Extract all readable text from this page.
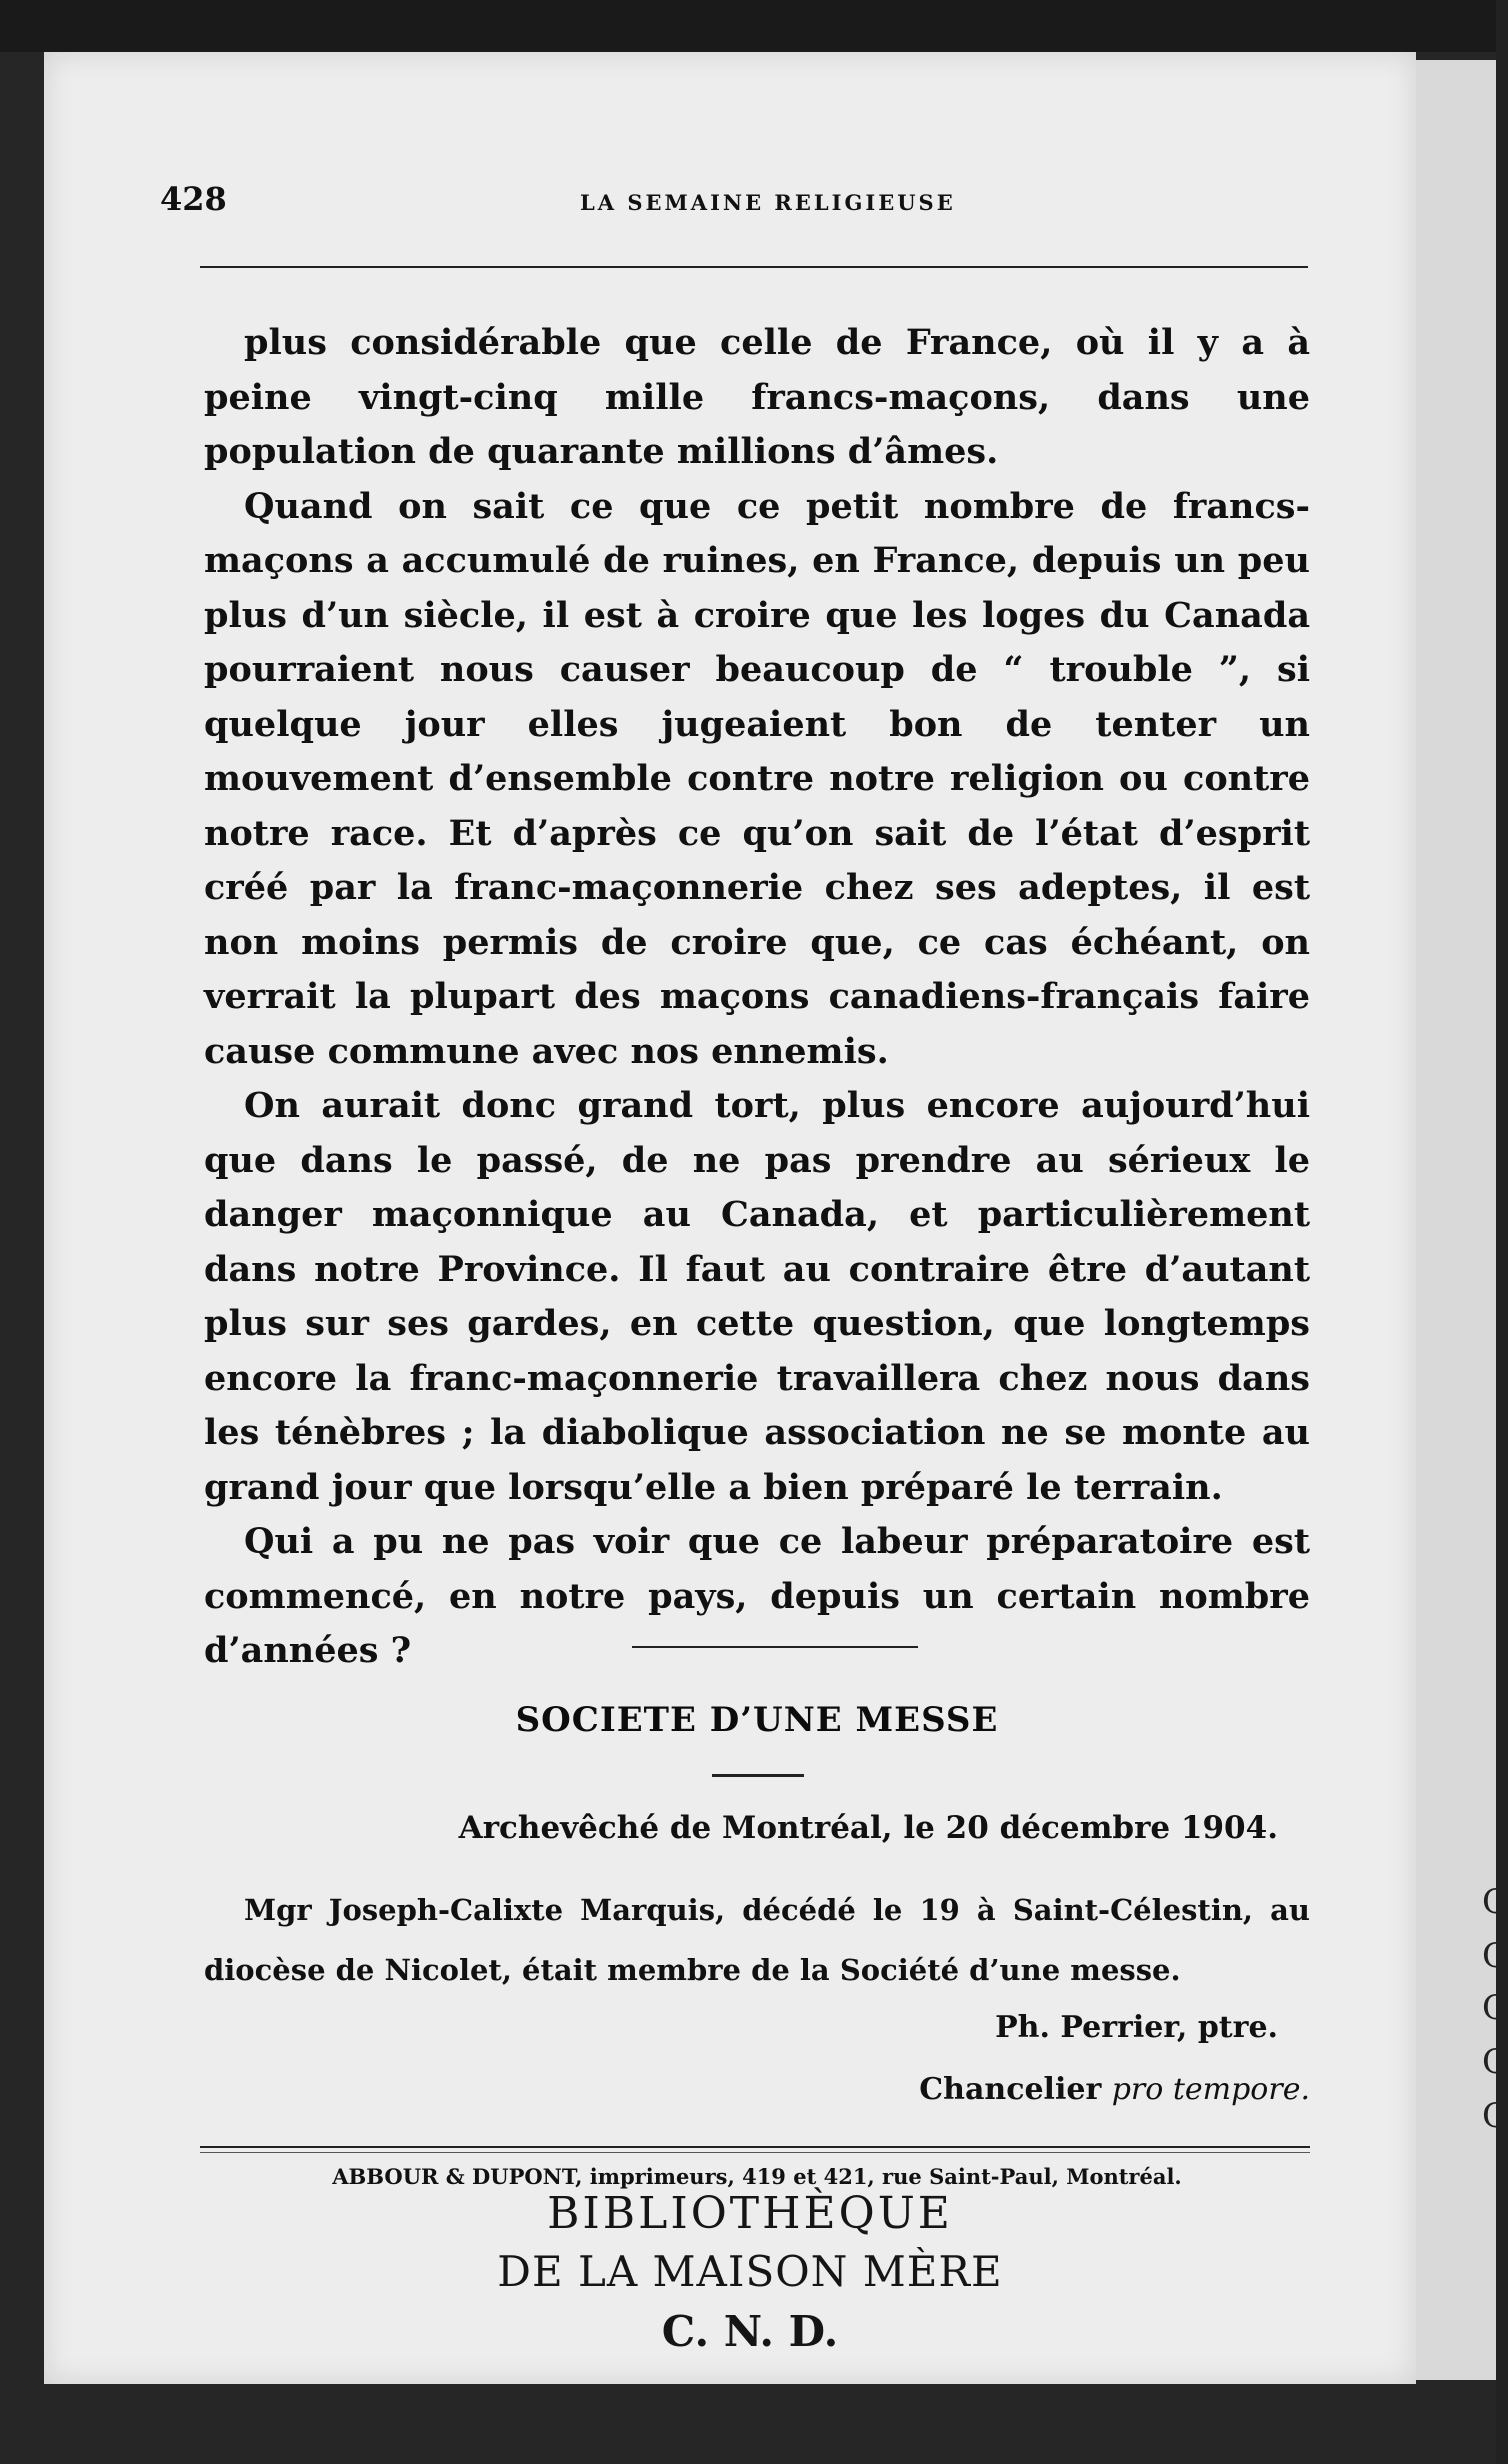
C
C
C
C
C
428	LA SEMAINE RELIGIEUSE

plus considérable que celle de France, où il y a à peine vingt-cinq mille francs-maçons, dans une population de quarante millions d’âmes.

Quand on sait ce que ce petit nombre de francs-maçons a accumulé de ruines, en France, depuis un peu plus d’un siècle, il est à croire que les loges du Canada pourraient nous causer beaucoup de “ trouble ”, si quelque jour elles jugeaient bon de tenter un mouvement d’ensemble contre notre religion ou contre notre race. Et d’après ce qu’on sait de l’état d’esprit créé par la franc-maçonnerie chez ses adeptes, il est non moins permis de croire que, ce cas échéant, on verrait la plupart des maçons canadiens-français faire cause commune avec nos ennemis.

On aurait donc grand tort, plus encore aujourd’hui que dans le passé, de ne pas prendre au sérieux le danger maçonnique au Canada, et particulièrement dans notre Province. Il faut au contraire être d’autant plus sur ses gardes, en cette question, que longtemps encore la franc-maçonnerie travaillera chez nous dans les ténèbres ; la diabolique association ne se monte au grand jour que lorsqu’elle a bien préparé le terrain.

Qui a pu ne pas voir que ce labeur préparatoire est commencé, en notre pays, depuis un certain nombre d’années ?

SOCIETE D’UNE MESSE
Archevêché de Montréal, le 20 décembre 1904.

Mgr Joseph-Calixte Marquis, décédé le 19 à Saint-Célestin, au diocèse de Nicolet, était membre de la Société d’une messe.

Ph. Perrier, ptre.
Chancelier pro tempore.
ABBOUR & DUPONT, imprimeurs, 419 et 421, rue Saint-Paul, Montréal.
BIBLIOTHÈQUE
DE LA MAISON MÈRE
C. N. D.
